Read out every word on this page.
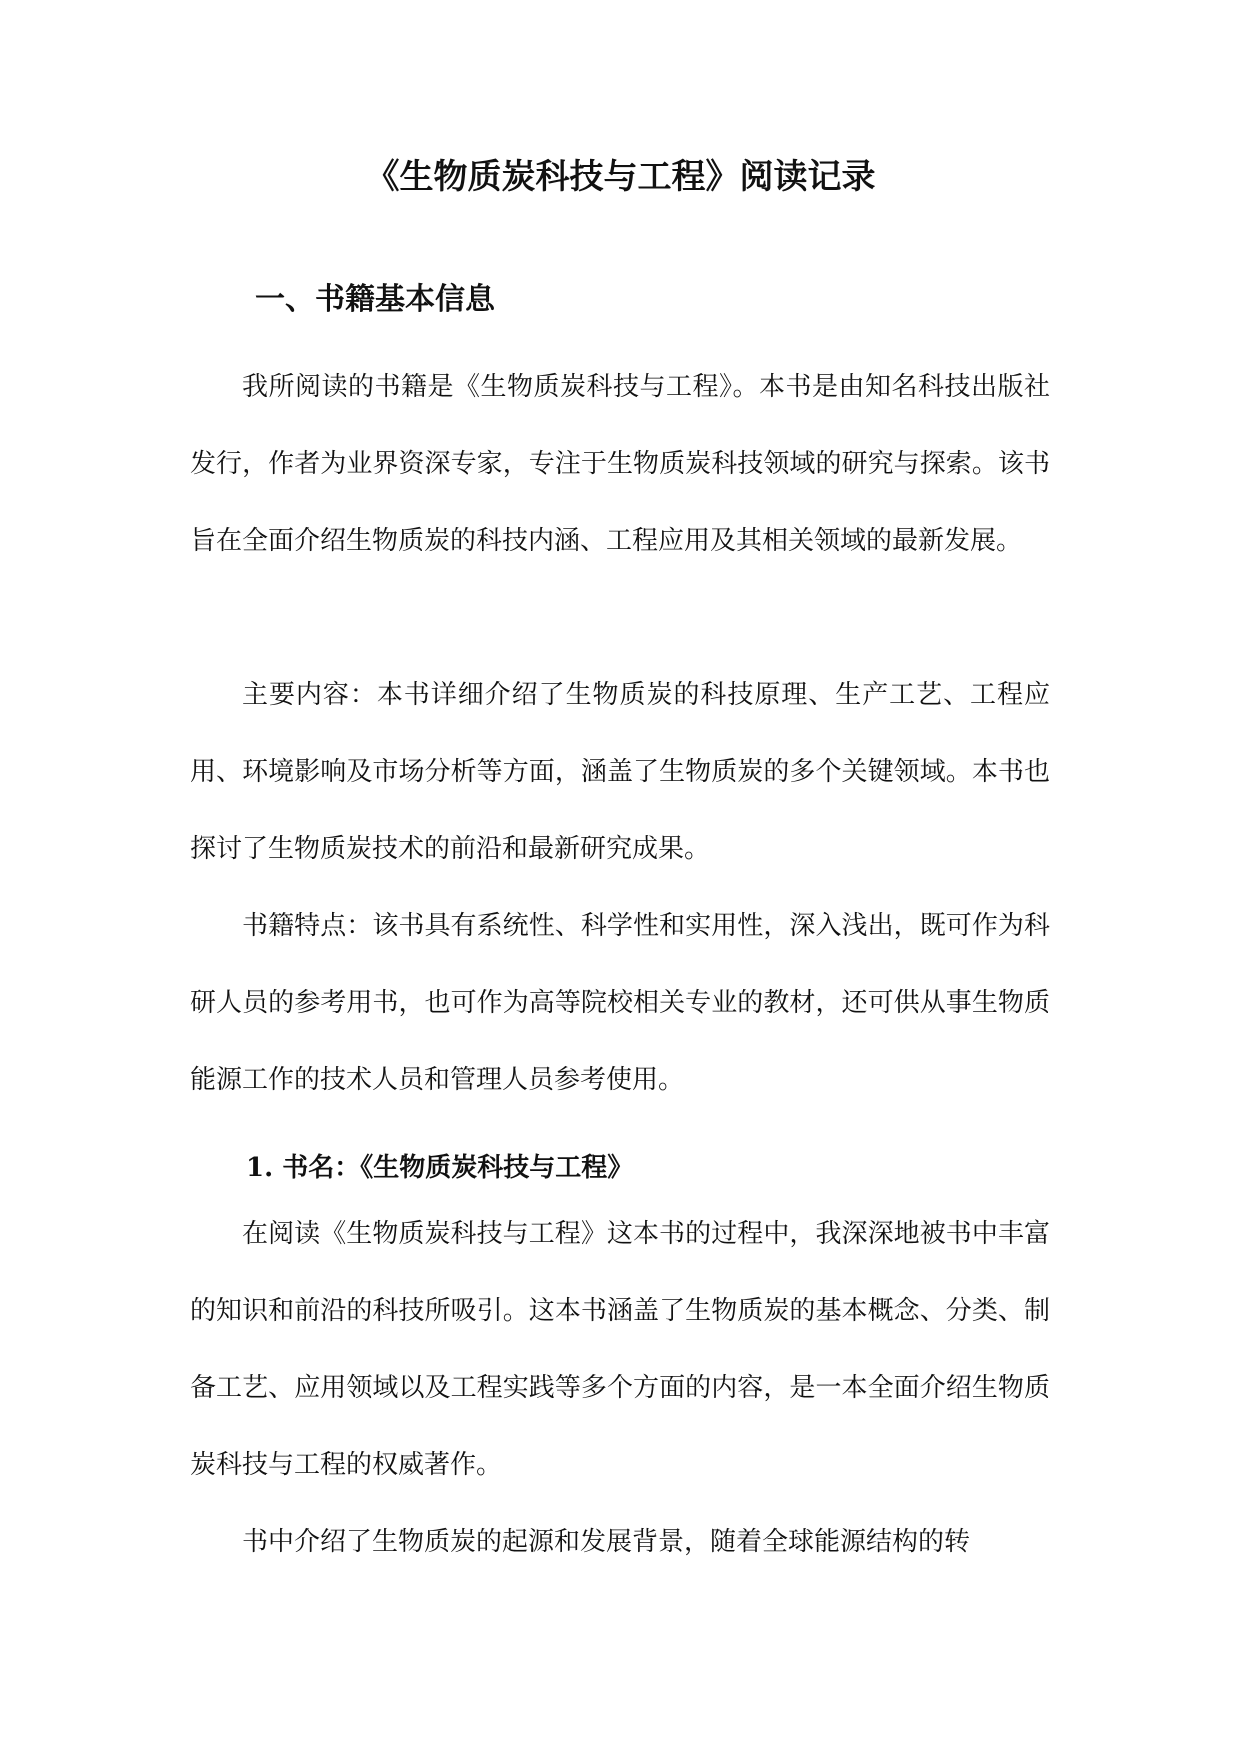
《生物质炭科技与工程》阅读记录
一、书籍基本信息

我所阅读的书籍是《生物质炭科技与工程》。本书是由知名科技出版社发行，作者为业界资深专家，专注于生物质炭科技领域的研究与探索。该书旨在全面介绍生物质炭的科技内涵、工程应用及其相关领域的最新发展。

主要内容：本书详细介绍了生物质炭的科技原理、生产工艺、工程应用、环境影响及市场分析等方面，涵盖了生物质炭的多个关键领域。本书也探讨了生物质炭技术的前沿和最新研究成果。

书籍特点：该书具有系统性、科学性和实用性，深入浅出，既可作为科研人员的参考用书，也可作为高等院校相关专业的教材，还可供从事生物质能源工作的技术人员和管理人员参考使用。

1. 书名：《生物质炭科技与工程》

在阅读《生物质炭科技与工程》这本书的过程中，我深深地被书中丰富的知识和前沿的科技所吸引。这本书涵盖了生物质炭的基本概念、分类、制备工艺、应用领域以及工程实践等多个方面的内容，是一本全面介绍生物质炭科技与工程的权威著作。

书中介绍了生物质炭的起源和发展背景，随着全球能源结构的转
